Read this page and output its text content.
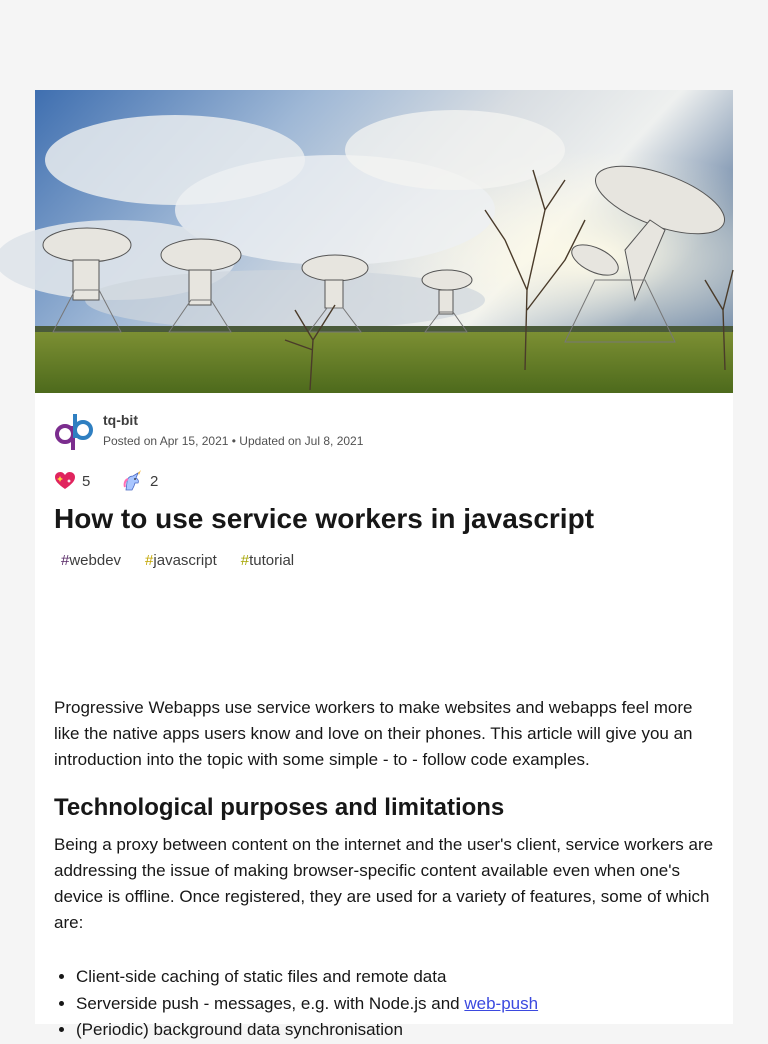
tq-bit
Posted on Apr 15, 2021 • Updated on Jul 8, 2021
5	2
How to use service workers in javascript
#webdev	#javascript	#tutorial

Progressive Webapps use service workers to make websites and webapps feel more like the native apps users know and love on their phones. This article will give you an introduction into the topic with some simple - to - follow code examples.

Technological purposes and limitations

Being a proxy between content on the internet and the user's client, service workers are addressing the issue of making browser-specific content available even when one's device is offline. Once registered, they are used for a variety of features, some of which are:

• Client-side caching of static files and remote data
• Serverside push - messages, e.g. with Node.js and web-push
• (Periodic) background data synchronisation
